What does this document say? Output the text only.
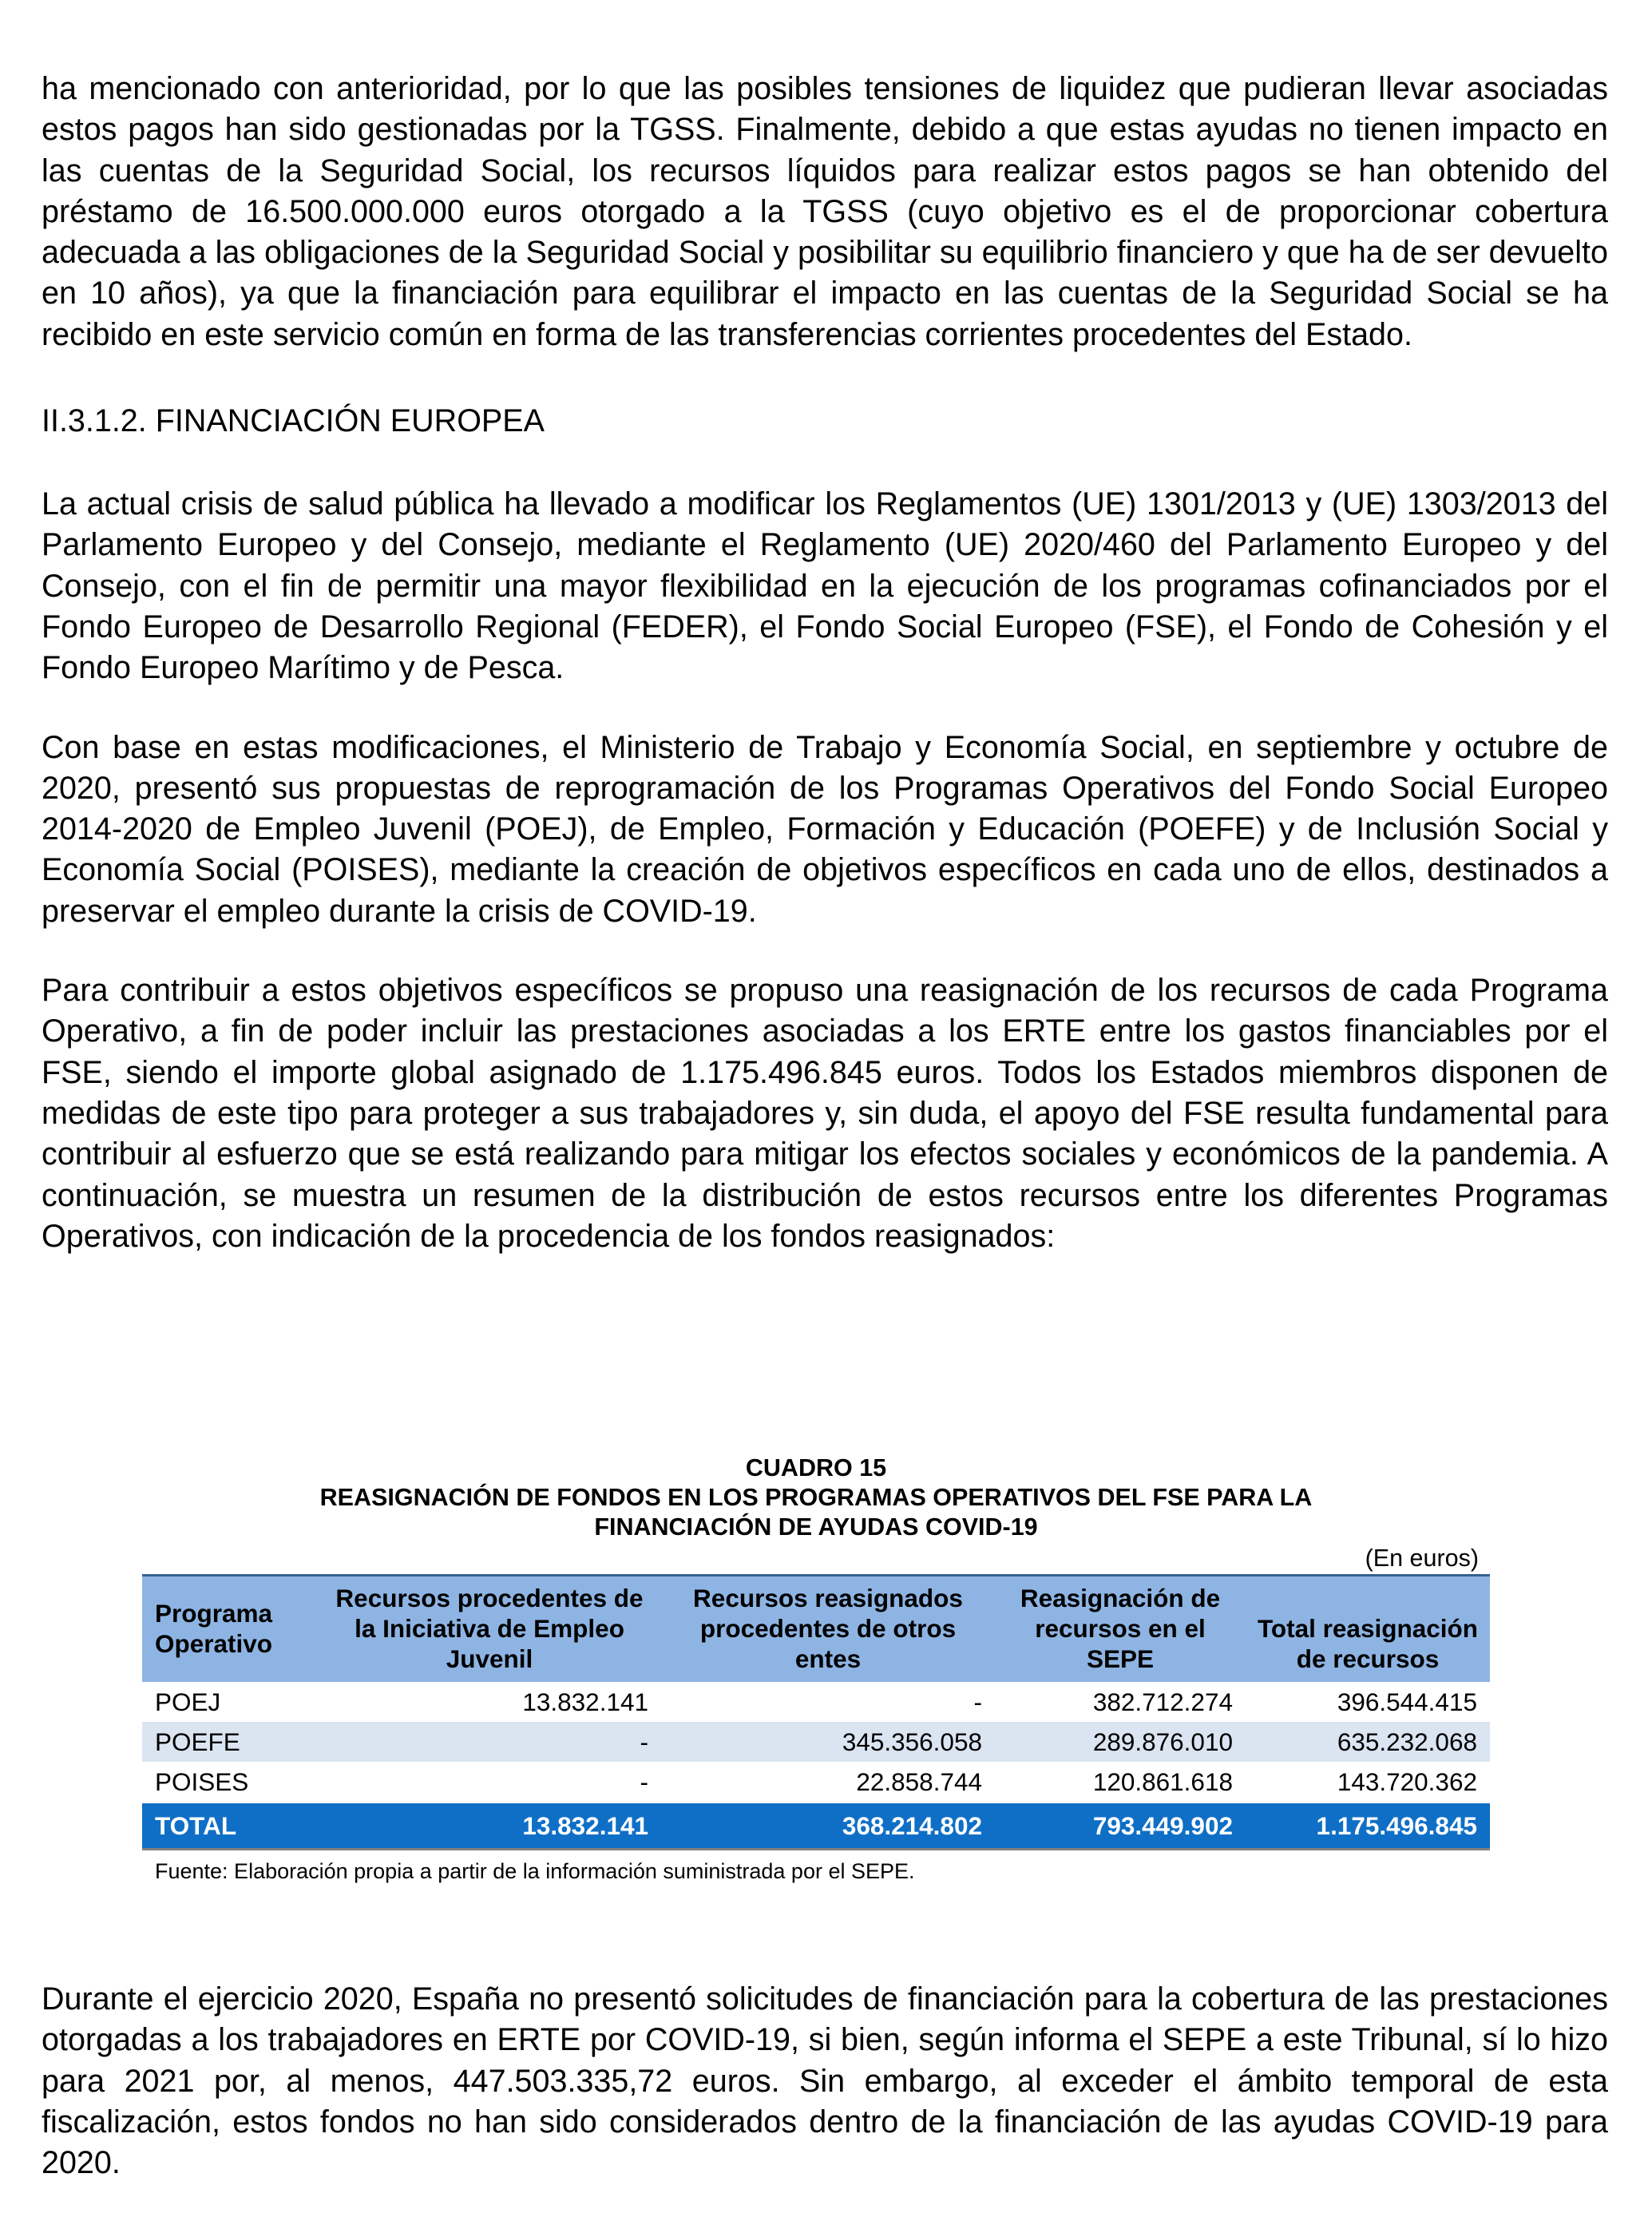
ha mencionado con anterioridad, por lo que las posibles tensiones de liquidez que pudieran llevar asociadas estos pagos han sido gestionadas por la TGSS. Finalmente, debido a que estas ayudas no tienen impacto en las cuentas de la Seguridad Social, los recursos líquidos para realizar estos pagos se han obtenido del préstamo de 16.500.000.000 euros otorgado a la TGSS (cuyo objetivo es el de proporcionar cobertura adecuada a las obligaciones de la Seguridad Social y posibilitar su equilibrio financiero y que ha de ser devuelto en 10 años), ya que la financiación para equilibrar el impacto en las cuentas de la Seguridad Social se ha recibido en este servicio común en forma de las transferencias corrientes procedentes del Estado.

II.3.1.2. FINANCIACIÓN EUROPEA

La actual crisis de salud pública ha llevado a modificar los Reglamentos (UE) 1301/2013 y (UE) 1303/2013 del Parlamento Europeo y del Consejo, mediante el Reglamento (UE) 2020/460 del Parlamento Europeo y del Consejo, con el fin de permitir una mayor flexibilidad en la ejecución de los programas cofinanciados por el Fondo Europeo de Desarrollo Regional (FEDER), el Fondo Social Europeo (FSE), el Fondo de Cohesión y el Fondo Europeo Marítimo y de Pesca.

Con base en estas modificaciones, el Ministerio de Trabajo y Economía Social, en septiembre y octubre de 2020, presentó sus propuestas de reprogramación de los Programas Operativos del Fondo Social Europeo 2014-2020 de Empleo Juvenil (POEJ), de Empleo, Formación y Educación (POEFE) y de Inclusión Social y Economía Social (POISES), mediante la creación de objetivos específicos en cada uno de ellos, destinados a preservar el empleo durante la crisis de COVID-19.

Para contribuir a estos objetivos específicos se propuso una reasignación de los recursos de cada Programa Operativo, a fin de poder incluir las prestaciones asociadas a los ERTE entre los gastos financiables por el FSE, siendo el importe global asignado de 1.175.496.845 euros. Todos los Estados miembros disponen de medidas de este tipo para proteger a sus trabajadores y, sin duda, el apoyo del FSE resulta fundamental para contribuir al esfuerzo que se está realizando para mitigar los efectos sociales y económicos de la pandemia. A continuación, se muestra un resumen de la distribución de estos recursos entre los diferentes Programas Operativos, con indicación de la procedencia de los fondos reasignados:

CUADRO 15
REASIGNACIÓN DE FONDOS EN LOS PROGRAMAS OPERATIVOS DEL FSE PARA LA
FINANCIACIÓN DE AYUDAS COVID-19
(En euros)
Programa Operativo	Recursos procedentes de la Iniciativa de Empleo Juvenil	Recursos reasignados procedentes de otros entes	Reasignación de recursos en el SEPE	Total reasignación de recursos
POEJ	13.832.141	-	382.712.274	396.544.415
POEFE	-	345.356.058	289.876.010	635.232.068
POISES	-	22.858.744	120.861.618	143.720.362
TOTAL	13.832.141	368.214.802	793.449.902	1.175.496.845
Fuente: Elaboración propia a partir de la información suministrada por el SEPE.

Durante el ejercicio 2020, España no presentó solicitudes de financiación para la cobertura de las prestaciones otorgadas a los trabajadores en ERTE por COVID-19, si bien, según informa el SEPE a este Tribunal, sí lo hizo para 2021 por, al menos, 447.503.335,72 euros. Sin embargo, al exceder el ámbito temporal de esta fiscalización, estos fondos no han sido considerados dentro de la financiación de las ayudas COVID-19 para 2020.
